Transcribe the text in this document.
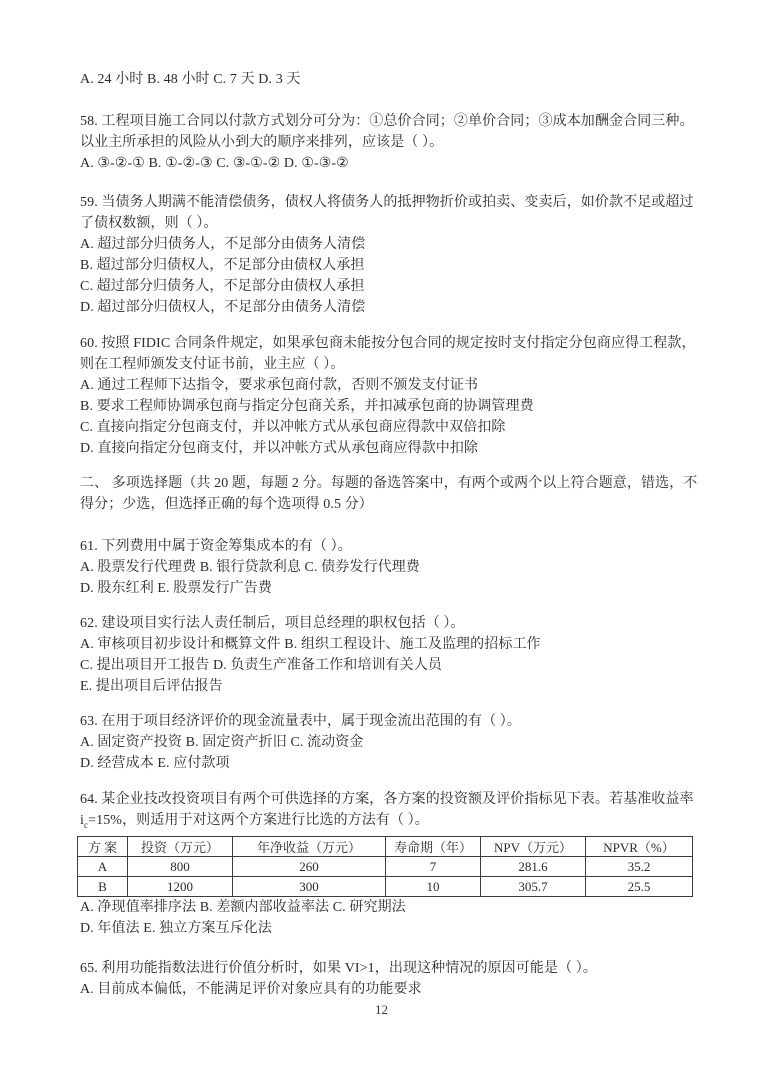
A. 24 小时 B. 48 小时 C. 7 天 D. 3 天
58. 工程项目施工合同以付款方式划分可分为：①总价合同；②单价合同；③成本加酬金合同三种。
以业主所承担的风险从小到大的顺序来排列，应该是（ ）。
A. ③-②-① B. ①-②-③ C. ③-①-② D. ①-③-②
59. 当债务人期满不能清偿债务，债权人将债务人的抵押物折价或拍卖、变卖后，如价款不足或超过
了债权数额，则（ ）。
A. 超过部分归债务人，不足部分由债务人清偿
B. 超过部分归债权人，不足部分由债权人承担
C. 超过部分归债务人，不足部分由债权人承担
D. 超过部分归债权人，不足部分由债务人清偿
60. 按照 FIDIC 合同条件规定，如果承包商未能按分包合同的规定按时支付指定分包商应得工程款，
则在工程师颁发支付证书前，业主应（ ）。
A. 通过工程师下达指令，要求承包商付款，否则不颁发支付证书
B. 要求工程师协调承包商与指定分包商关系，并扣减承包商的协调管理费
C. 直接向指定分包商支付，并以冲帐方式从承包商应得款中双倍扣除
D. 直接向指定分包商支付，并以冲帐方式从承包商应得款中扣除
二、 多项选择题（共 20 题，每题 2 分。每题的备选答案中，有两个或两个以上符合题意，错选，不
得分；少选，但选择正确的每个选项得 0.5 分）
61. 下列费用中属于资金筹集成本的有（ ）。
A. 股票发行代理费 B. 银行贷款利息 C. 债券发行代理费
D. 股东红利 E. 股票发行广告费
62. 建设项目实行法人责任制后，项目总经理的职权包括（ ）。
A. 审核项目初步设计和概算文件 B. 组织工程设计、施工及监理的招标工作
C. 提出项目开工报告 D. 负责生产准备工作和培训有关人员
E. 提出项目后评估报告
63. 在用于项目经济评价的现金流量表中，属于现金流出范围的有（ ）。
A. 固定资产投资 B. 固定资产折旧 C. 流动资金
D. 经营成本 E. 应付款项
64. 某企业技改投资项目有两个可供选择的方案，各方案的投资额及评价指标见下表。若基准收益率
$i_c=15\%$，则适用于对这两个方案进行比选的方法有（ ）。
方 案	投资（万元）	年净收益（万元）	寿命期（年）	NPV（万元）	NPVR（%）
A	800	260	7	281.6	35.2
B	1200	300	10	305.7	25.5
A. 净现值率排序法 B. 差额内部收益率法 C. 研究期法
D. 年值法 E. 独立方案互斥化法
65. 利用功能指数法进行价值分析时，如果 VI>1，出现这种情况的原因可能是（ ）。
A. 目前成本偏低，不能满足评价对象应具有的功能要求
12
